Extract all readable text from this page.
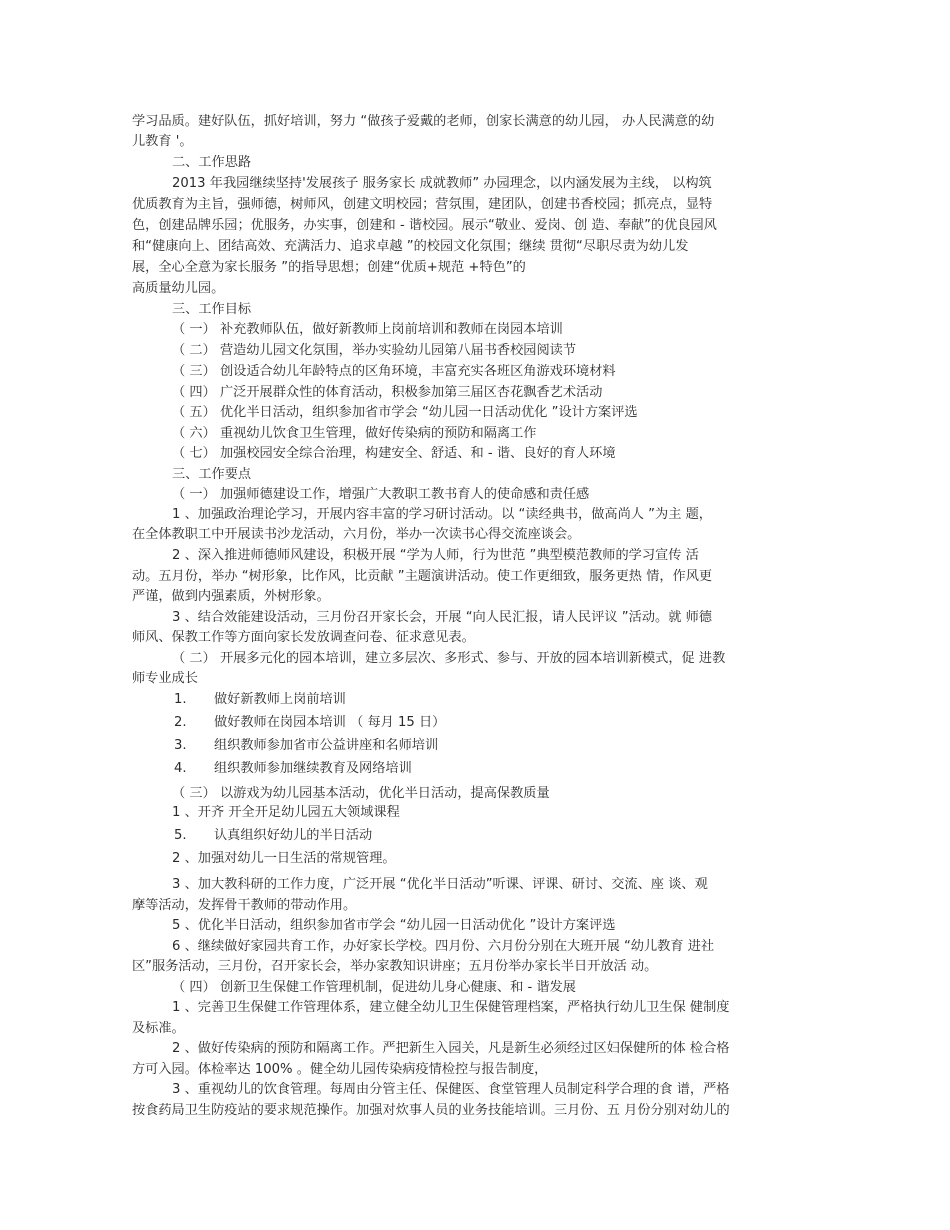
学习品质。建好队伍，抓好培训，努力 “做孩子爱戴的老师，创家长满意的幼儿园， 办人民满意的幼
儿教育 '。
二、工作思路
2013 年我园继续坚持'发展孩子 服务家长 成就教师” 办园理念，以内涵发展为主线， 以构筑
优质教育为主旨，强师德，树师风，创建文明校园；营氛围，建团队，创建书香校园；抓亮点，显特
色，创建品牌乐园；优服务，办实事，创建和 - 谐校园。展示“敬业、爱岗、创 造、奉献”的优良园风
和“健康向上、团结高效、充满活力、追求卓越 ”的校园文化氛围；继续 贯彻“尽职尽责为幼儿发
展，全心全意为家长服务 ”的指导思想；创建“优质+规范 +特色”的
高质量幼儿园。
三、工作目标
（ 一） 补充教师队伍，做好新教师上岗前培训和教师在岗园本培训
（ 二） 营造幼儿园文化氛围，举办实验幼儿园第八届书香校园阅读节
（ 三） 创设适合幼儿年龄特点的区角环境，丰富充实各班区角游戏环境材料
（ 四） 广泛开展群众性的体育活动，积极参加第三届区杏花飘香艺术活动
（ 五） 优化半日活动，组织参加省市学会 “幼儿园一日活动优化 ”设计方案评选
（ 六） 重视幼儿饮食卫生管理，做好传染病的预防和隔离工作
（ 七） 加强校园安全综合治理，构建安全、舒适、和 - 谐、良好的育人环境
三、工作要点
（ 一） 加强师德建设工作，增强广大教职工教书育人的使命感和责任感
1 、加强政治理论学习，开展内容丰富的学习研讨活动。以 “读经典书，做高尚人 ”为主 题，
在全体教职工中开展读书沙龙活动，六月份，举办一次读书心得交流座谈会。
2 、深入推进师德师风建设，积极开展 “学为人师，行为世范 ”典型模范教师的学习宣传 活
动。五月份，举办 “树形象，比作风，比贡献 ”主题演讲活动。使工作更细致，服务更热 情，作风更
严谨，做到内强素质，外树形象。
3 、结合效能建设活动，三月份召开家长会，开展 “向人民汇报，请人民评议 ”活动。就 师德
师风、保教工作等方面向家长发放调查问卷、征求意见表。
（ 二） 开展多元化的园本培训，建立多层次、多形式、参与、开放的园本培训新模式，促 进教
师专业成长
1. 做好新教师上岗前培训
2. 做好教师在岗园本培训 （ 每月 15 日）
3. 组织教师参加省市公益讲座和名师培训
4. 组织教师参加继续教育及网络培训
（ 三） 以游戏为幼儿园基本活动，优化半日活动，提高保教质量
1 、开齐 开全开足幼儿园五大领域课程
5. 认真组织好幼儿的半日活动
2 、加强对幼儿一日生活的常规管理。
3 、加大教科研的工作力度，广泛开展 “优化半日活动”听课、评课、研讨、交流、座 谈、观
摩等活动，发挥骨干教师的带动作用。
5 、优化半日活动，组织参加省市学会 “幼儿园一日活动优化 ”设计方案评选
6 、继续做好家园共育工作，办好家长学校。四月份、六月份分别在大班开展 “幼儿教育 进社
区”服务活动，三月份，召开家长会，举办家教知识讲座；五月份举办家长半日开放活 动。
（ 四） 创新卫生保健工作管理机制，促进幼儿身心健康、和 - 谐发展
1 、完善卫生保健工作管理体系，建立健全幼儿卫生保健管理档案，严格执行幼儿卫生保 健制度
及标准。
2 、做好传染病的预防和隔离工作。严把新生入园关，凡是新生必须经过区妇保健所的体 检合格
方可入园。体检率达 100% 。健全幼儿园传染病疫情检控与报告制度，
3 、重视幼儿的饮食管理。每周由分管主任、保健医、食堂管理人员制定科学合理的食 谱，严格
按食药局卫生防疫站的要求规范操作。加强对炊事人员的业务技能培训。三月份、五 月份分别对幼儿的
